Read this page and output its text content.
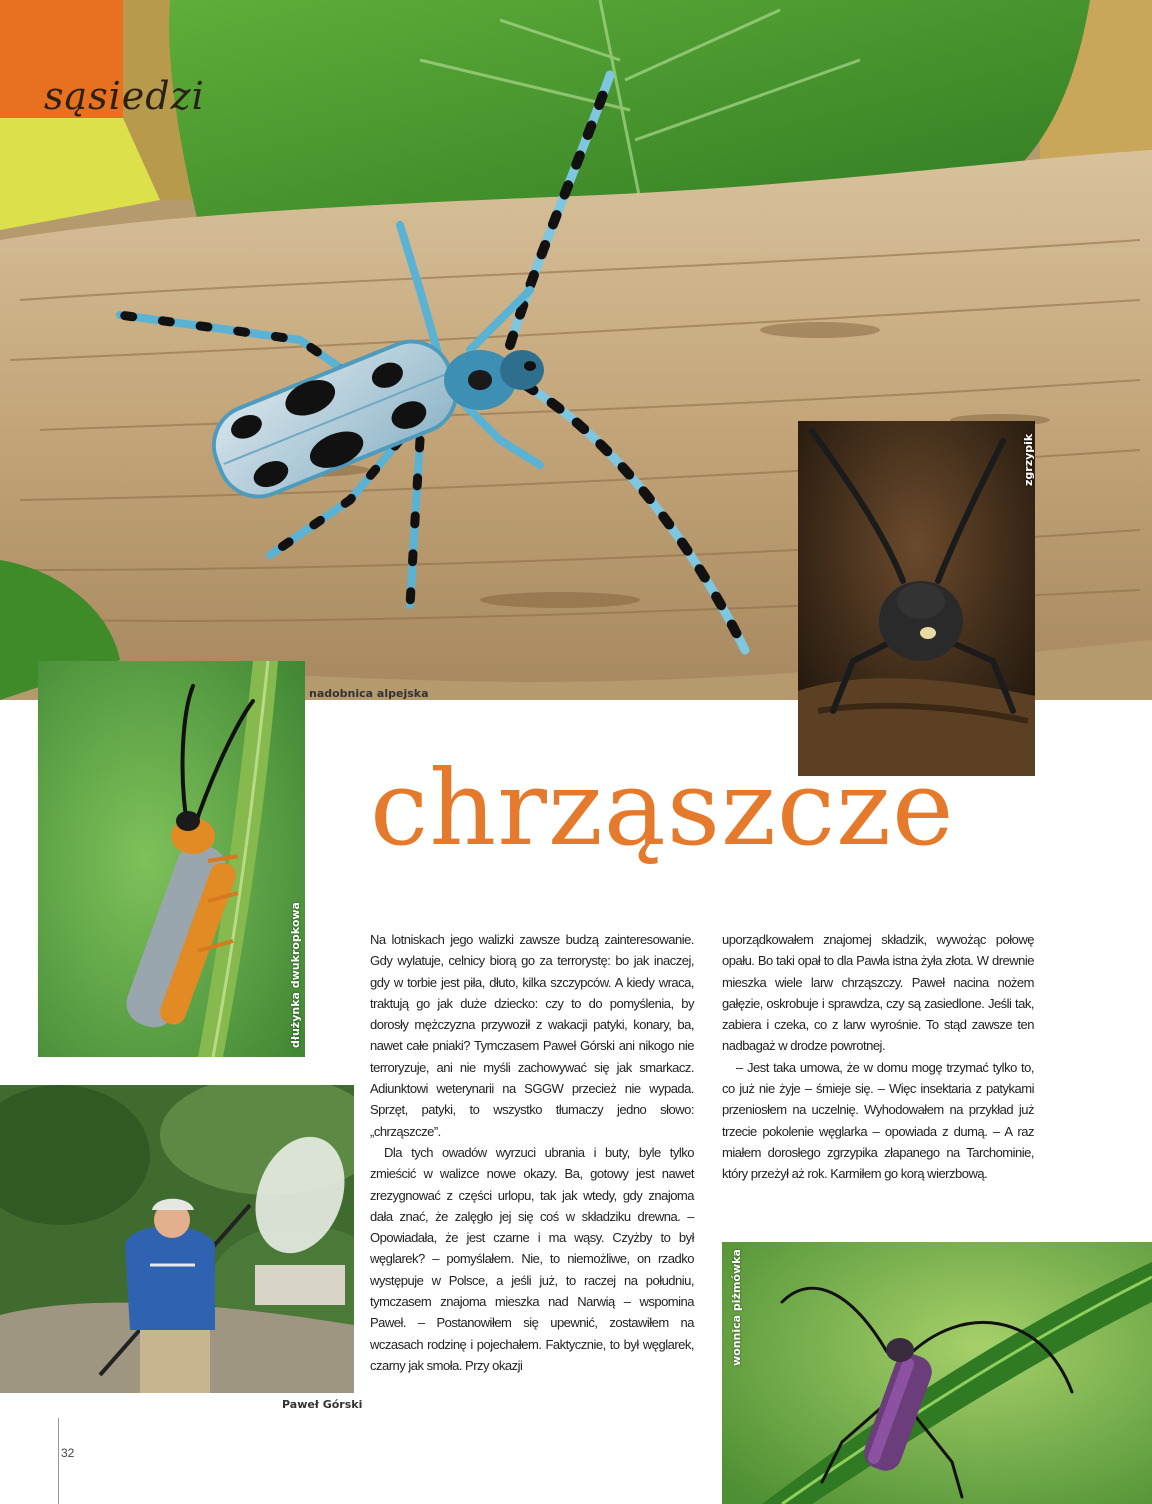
sąsiedzi
zgrzypik
nadobnica alpejska
dłużynka dwukropkowa
Paweł Górski
chrząszcze

Na lotniskach jego walizki zawsze budzą zainteresowanie. Gdy wylatuje, celnicy biorą go za terrorystę: bo jak inaczej, gdy w torbie jest piła, dłuto, kilka szczypców. A kiedy wraca, traktują go jak duże dziecko: czy to do pomyślenia, by dorosły mężczyzna przywoził z wakacji patyki, konary, ba, nawet całe pniaki? Tymczasem Paweł Górski ani nikogo nie terroryzuje, ani nie myśli zachowywać się jak smarkacz. Adiunktowi weterynarii na SGGW przecież nie wypada. Sprzęt, patyki, to wszystko tłumaczy jedno słowo: „chrząszcze”.

Dla tych owadów wyrzuci ubrania i buty, byle tylko zmieścić w walizce nowe okazy. Ba, gotowy jest nawet zrezygnować z części urlopu, tak jak wtedy, gdy znajoma dała znać, że zalęgło jej się coś w składziku drewna. – Opowiadała, że jest czarne i ma wąsy. Czyżby to był węglarek? – pomyślałem. Nie, to niemożliwe, on rzadko występuje w Polsce, a jeśli już, to raczej na południu, tymczasem znajoma mieszka nad Narwią – wspomina Paweł. – Postanowiłem się upewnić, zostawiłem na wczasach rodzinę i pojechałem. Faktycznie, to był węglarek, czarny jak smoła. Przy okazji

uporządkowałem znajomej składzik, wywożąc połowę opału. Bo taki opał to dla Pawła istna żyła złota. W drewnie mieszka wiele larw chrząszczy. Paweł nacina nożem gałęzie, oskrobuje i sprawdza, czy są zasiedlone. Jeśli tak, zabiera i czeka, co z larw wyrośnie. To stąd zawsze ten nadbagaż w drodze powrotnej.

– Jest taka umowa, że w domu mogę trzymać tylko to, co już nie żyje – śmieje się. – Więc insektaria z patykami przeniosłem na uczelnię. Wyhodowałem na przykład już trzecie pokolenie węglarka – opowiada z dumą. – A raz miałem dorosłego zgrzypika złapanego na Tarchominie, który przeżył aż rok. Karmiłem go korą wierzbową.

wonnica piżmówka
32
